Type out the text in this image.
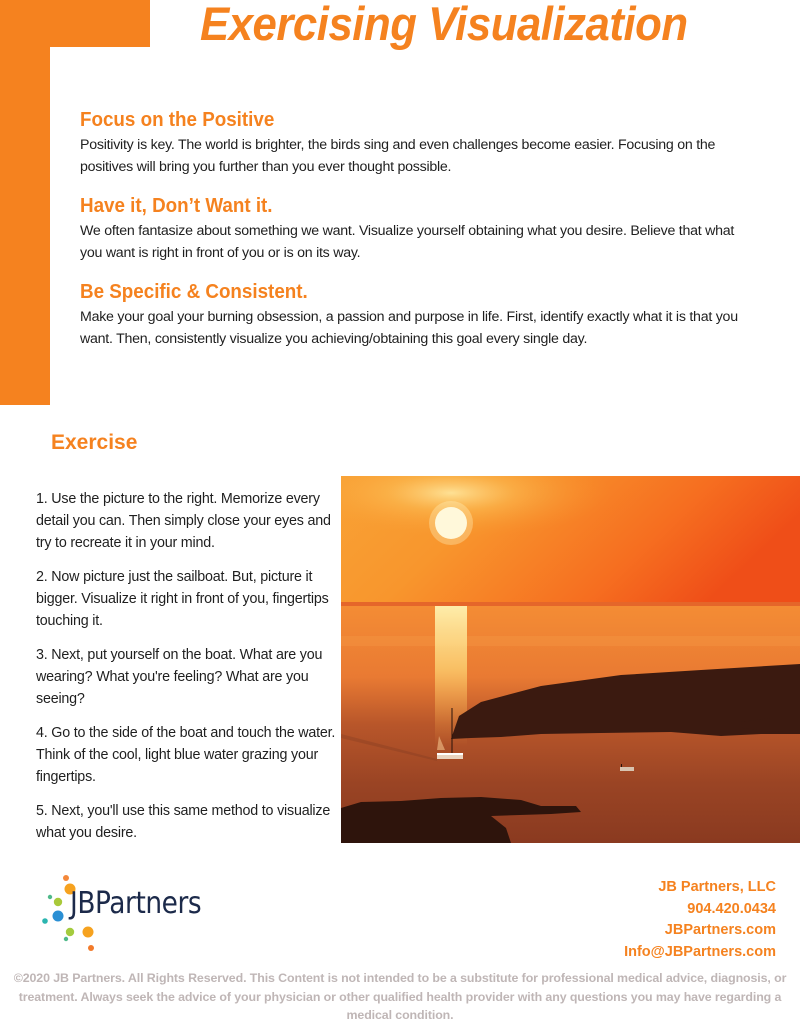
Exercising Visualization
Focus on the Positive

Positivity is key. The world is brighter, the birds sing and even challenges become easier. Focusing on the positives will bring you further than you ever thought possible.

Have it, Don’t Want it.

We often fantasize about something we want. Visualize yourself obtaining what you desire. Believe that what you want is right in front of you or is on its way.

Be Specific & Consistent.

Make your goal your burning obsession, a passion and purpose in life. First, identify exactly what it is that you want. Then, consistently visualize you achieving/obtaining this goal every single day.

Exercise

1. Use the picture to the right. Memorize every detail you can. Then simply close your eyes and try to recreate it in your mind.

2. Now picture just the sailboat. But, picture it bigger. Visualize it right in front of you, fingertips touching it.

3. Next, put yourself on the boat. What are you wearing? What you're feeling? What are you seeing?

4. Go to the side of the boat and touch the water. Think of the cool, light blue water grazing your fingertips.

5. Next, you'll use this same method to visualize what you desire.

JBPartners	JB Partners, LLC
904.420.0434
JBPartners.com
Info@JBPartners.com

©2020 JB Partners. All Rights Reserved. This Content is not intended to be a substitute for professional medical advice, diagnosis, or treatment. Always seek the advice of your physician or other qualified health provider with any questions you may have regarding a medical condition.
